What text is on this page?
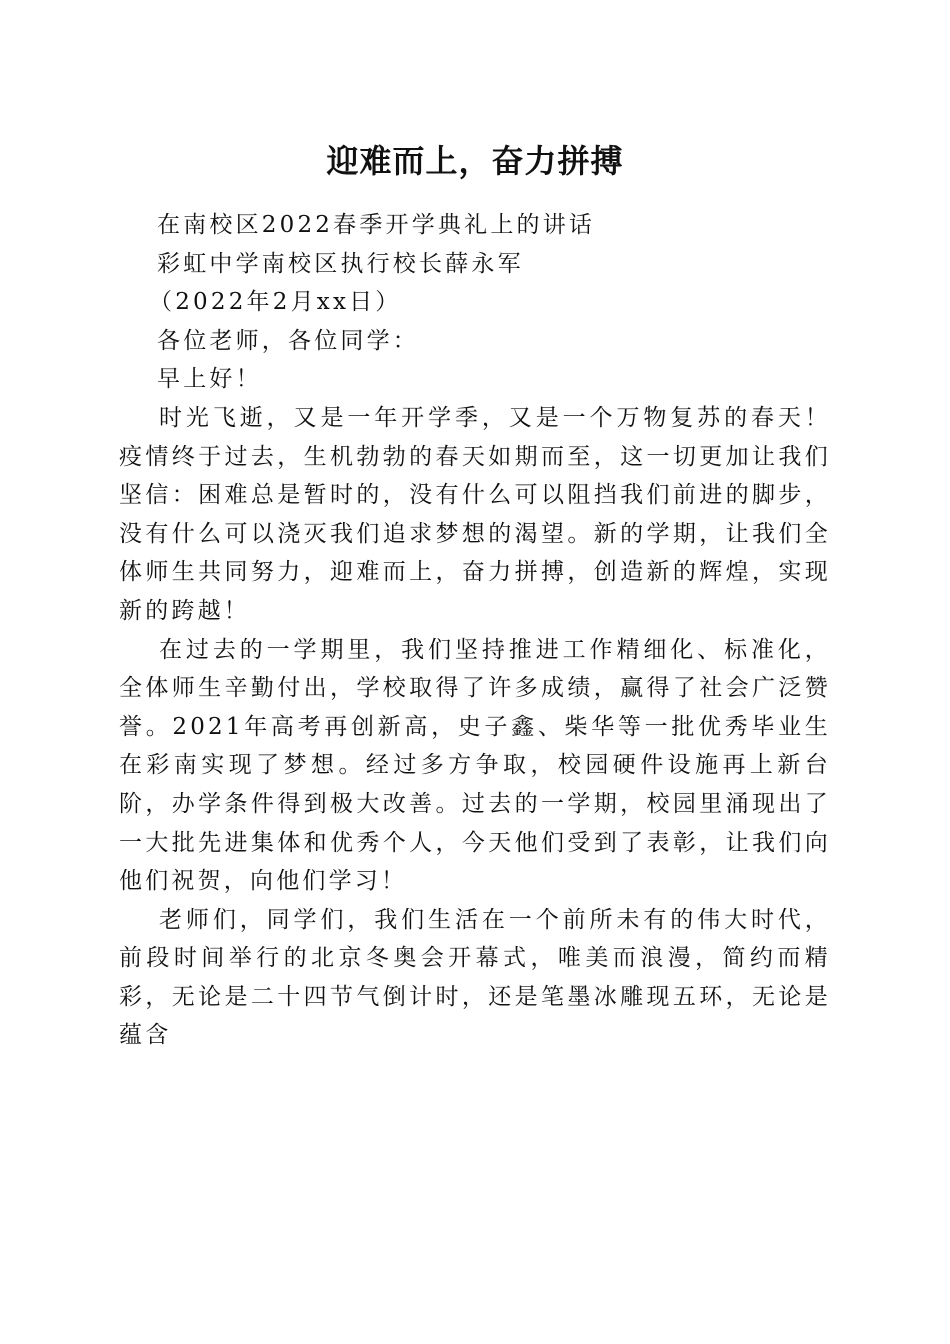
迎难而上，奋力拼搏

在南校区2022春季开学典礼上的讲话

彩虹中学南校区执行校长薛永军

（2022年2月xx日）

各位老师，各位同学：

早上好！

时光飞逝，又是一年开学季，又是一个万物复苏的春天！疫情终于过去，生机勃勃的春天如期而至，这一切更加让我们坚信：困难总是暂时的，没有什么可以阻挡我们前进的脚步，没有什么可以浇灭我们追求梦想的渴望。新的学期，让我们全体师生共同努力，迎难而上，奋力拼搏，创造新的辉煌，实现新的跨越！

在过去的一学期里，我们坚持推进工作精细化、标准化，全体师生辛勤付出，学校取得了许多成绩，赢得了社会广泛赞誉。2021年高考再创新高，史子鑫、柴华等一批优秀毕业生在彩南实现了梦想。经过多方争取，校园硬件设施再上新台阶，办学条件得到极大改善。过去的一学期，校园里涌现出了一大批先进集体和优秀个人，今天他们受到了表彰，让我们向他们祝贺，向他们学习！

老师们，同学们，我们生活在一个前所未有的伟大时代，前段时间举行的北京冬奥会开幕式，唯美而浪漫，简约而精彩，无论是二十四节气倒计时，还是笔墨冰雕现五环，无论是蕴含
